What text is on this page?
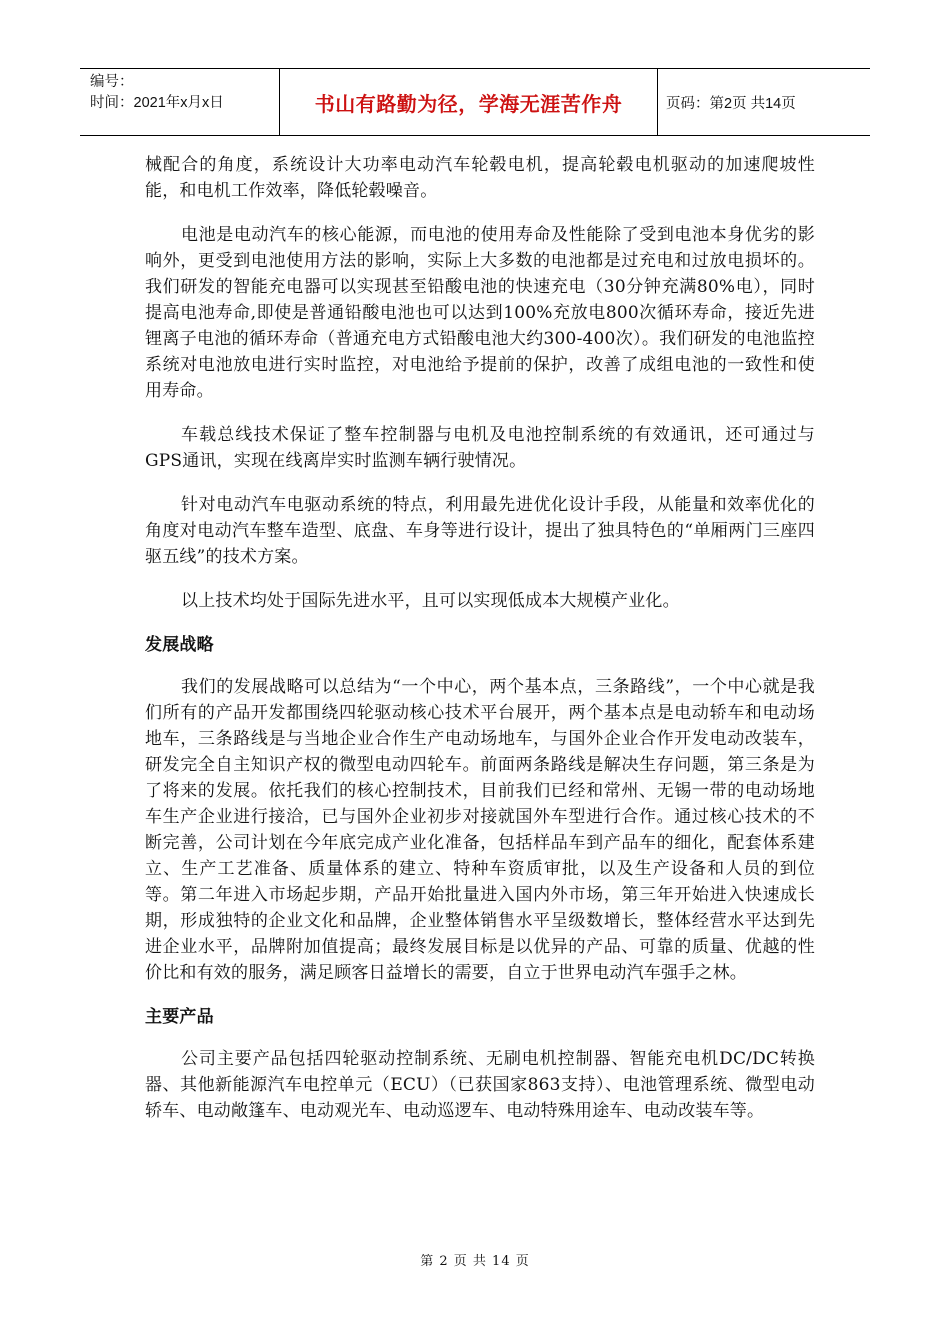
编号：
时间：2021年x月x日	书山有路勤为径，学海无涯苦作舟	页码：第2页 共14页

械配合的角度，系统设计大功率电动汽车轮毂电机，提高轮毂电机驱动的加速爬坡性能，和电机工作效率，降低轮毂噪音。

电池是电动汽车的核心能源，而电池的使用寿命及性能除了受到电池本身优劣的影响外，更受到电池使用方法的影响，实际上大多数的电池都是过充电和过放电损坏的。我们研发的智能充电器可以实现甚至铅酸电池的快速充电（30分钟充满80%电），同时提高电池寿命,即使是普通铅酸电池也可以达到100%充放电800次循环寿命，接近先进锂离子电池的循环寿命（普通充电方式铅酸电池大约300-400次）。我们研发的电池监控系统对电池放电进行实时监控，对电池给予提前的保护，改善了成组电池的一致性和使用寿命。

车载总线技术保证了整车控制器与电机及电池控制系统的有效通讯，还可通过与GPS通讯，实现在线离岸实时监测车辆行驶情况。

针对电动汽车电驱动系统的特点，利用最先进优化设计手段，从能量和效率优化的角度对电动汽车整车造型、底盘、车身等进行设计，提出了独具特色的“单厢两门三座四驱五线”的技术方案。

以上技术均处于国际先进水平，且可以实现低成本大规模产业化。

发展战略

我们的发展战略可以总结为“一个中心，两个基本点，三条路线”，一个中心就是我们所有的产品开发都围绕四轮驱动核心技术平台展开，两个基本点是电动轿车和电动场地车，三条路线是与当地企业合作生产电动场地车，与国外企业合作开发电动改装车，研发完全自主知识产权的微型电动四轮车。前面两条路线是解决生存问题，第三条是为了将来的发展。依托我们的核心控制技术，目前我们已经和常州、无锡一带的电动场地车生产企业进行接洽，已与国外企业初步对接就国外车型进行合作。通过核心技术的不断完善，公司计划在今年底完成产业化准备，包括样品车到产品车的细化，配套体系建立、生产工艺准备、质量体系的建立、特种车资质审批，以及生产设备和人员的到位等。第二年进入市场起步期，产品开始批量进入国内外市场，第三年开始进入快速成长期，形成独特的企业文化和品牌，企业整体销售水平呈级数增长，整体经营水平达到先进企业水平，品牌附加值提高；最终发展目标是以优异的产品、可靠的质量、优越的性价比和有效的服务，满足顾客日益增长的需要，自立于世界电动汽车强手之林。

主要产品

公司主要产品包括四轮驱动控制系统、无刷电机控制器、智能充电机DC/DC转换器、其他新能源汽车电控单元（ECU）（已获国家863支持）、电池管理系统、微型电动轿车、电动敞篷车、电动观光车、电动巡逻车、电动特殊用途车、电动改装车等。

第 2 页 共 14 页
